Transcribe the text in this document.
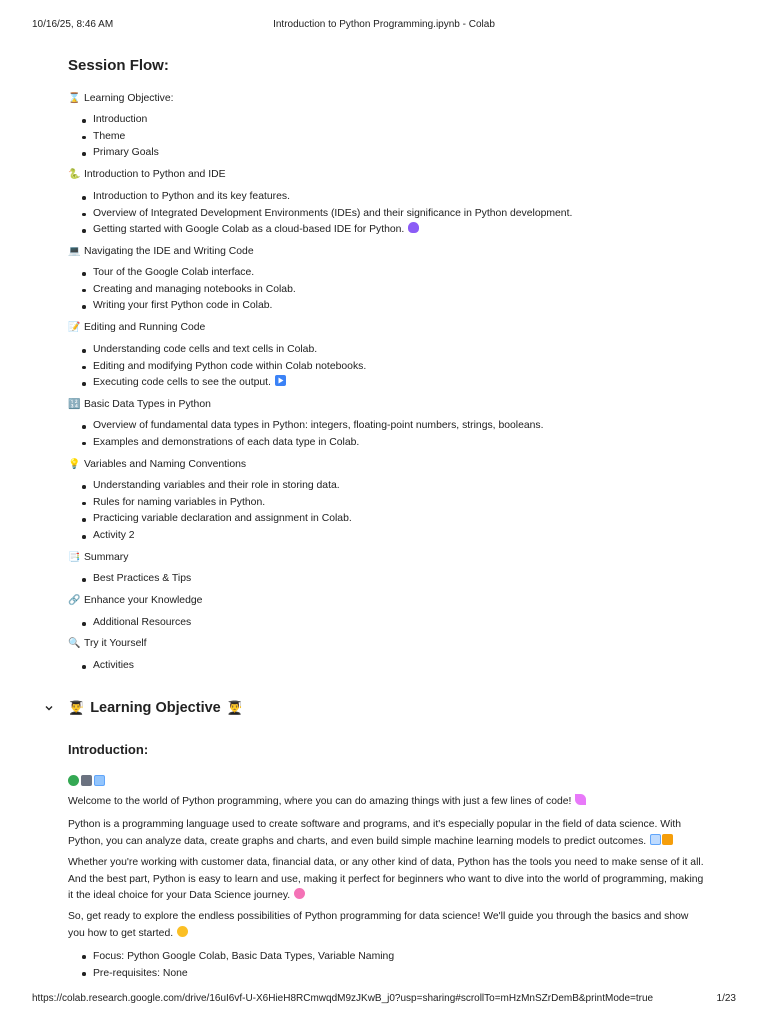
10/16/25, 8:46 AM	Introduction to Python Programming.ipynb - Colab
Session Flow:
⌛ Learning Objective:
Introduction
Theme
Primary Goals
🐍 Introduction to Python and IDE
Introduction to Python and its key features.
Overview of Integrated Development Environments (IDEs) and their significance in Python development.
Getting started with Google Colab as a cloud-based IDE for Python.
💻 Navigating the IDE and Writing Code
Tour of the Google Colab interface.
Creating and managing notebooks in Colab.
Writing your first Python code in Colab.
📝 Editing and Running Code
Understanding code cells and text cells in Colab.
Editing and modifying Python code within Colab notebooks.
Executing code cells to see the output.
🔢 Basic Data Types in Python
Overview of fundamental data types in Python: integers, floating-point numbers, strings, booleans.
Examples and demonstrations of each data type in Colab.
💡 Variables and Naming Conventions
Understanding variables and their role in storing data.
Rules for naming variables in Python.
Practicing variable declaration and assignment in Colab.
Activity 2
📑 Summary
Best Practices & Tips
🔗 Enhance your Knowledge
Additional Resources
🔍 Try it Yourself
Activities
👨‍🎓 Learning Objective 👨‍🎓
Introduction:

Welcome to the world of Python programming, where you can do amazing things with just a few lines of code!

Python is a programming language used to create software and programs, and it's especially popular in the field of data science. With Python, you can analyze data, create graphs and charts, and even build simple machine learning models to predict outcomes.

Whether you're working with customer data, financial data, or any other kind of data, Python has the tools you need to make sense of it all. And the best part, Python is easy to learn and use, making it perfect for beginners who want to dive into the world of programming, making it the ideal choice for your Data Science journey.

So, get ready to explore the endless possibilities of Python programming for data science! We'll guide you through the basics and show you how to get started.

Focus: Python Google Colab, Basic Data Types, Variable Naming
Pre-requisites: None
https://colab.research.google.com/drive/16uI6vf-U-X6HieH8RCmwqdM9zJKwB_j0?usp=sharing#scrollTo=mHzMnSZrDemB&printMode=true	1/23
